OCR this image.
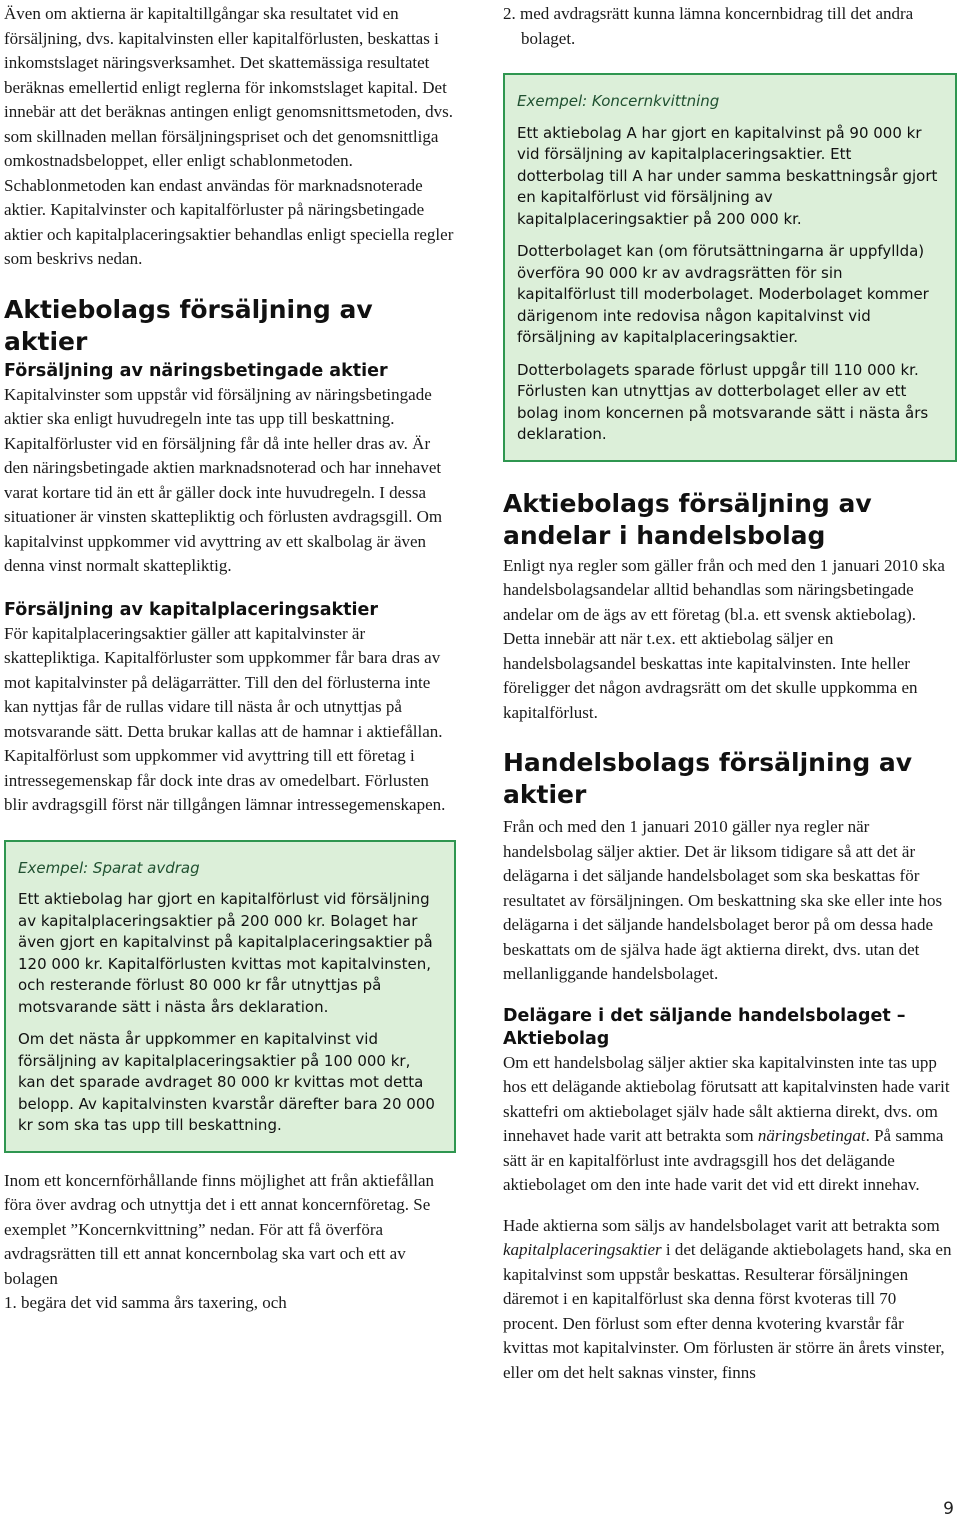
Även om aktierna är kapitaltillgångar ska resultatet vid en försäljning, dvs. kapitalvinsten eller kapitalförlusten, beskattas i inkomstslaget näringsverksamhet. Det skattemässiga resultatet beräknas emellertid enligt reglerna för inkomstslaget kapital. Det innebär att det beräknas antingen enligt genomsnittsmetoden, dvs. som skillnaden mellan försäljningspriset och det genomsnittliga omkostnadsbeloppet, eller enligt schablonmetoden. Schablonmetoden kan endast användas för marknadsnoterade aktier. Kapitalvinster och kapitalförluster på näringsbetingade aktier och kapitalplaceringsaktier behandlas enligt speciella regler som beskrivs nedan.

Aktiebolags försäljning av aktier
Försäljning av näringsbetingade aktier

Kapitalvinster som uppstår vid försäljning av näringsbetingade aktier ska enligt huvudregeln inte tas upp till beskattning. Kapitalförluster vid en försäljning får då inte heller dras av. Är den näringsbetingade aktien marknadsnoterad och har innehavet varat kortare tid än ett år gäller dock inte huvudregeln. I dessa situationer är vinsten skattepliktig och förlusten avdragsgill. Om kapitalvinst uppkommer vid avyttring av ett skalbolag är även denna vinst normalt skattepliktig.

Försäljning av kapitalplaceringsaktier

För kapitalplaceringsaktier gäller att kapitalvinster är skattepliktiga. Kapitalförluster som uppkommer får bara dras av mot kapitalvinster på delägarrätter. Till den del förlusterna inte kan nyttjas får de rullas vidare till nästa år och utnyttjas på motsvarande sätt. Detta brukar kallas att de hamnar i aktiefållan. Kapitalförlust som uppkommer vid avyttring till ett företag i intressegemenskap får dock inte dras av omedelbart. Förlusten blir avdragsgill först när tillgången lämnar intressegemenskapen.

Exempel: Sparat avdrag

Ett aktiebolag har gjort en kapitalförlust vid försäljning av kapitalplaceringsaktier på 200 000 kr. Bolaget har även gjort en kapitalvinst på kapitalplaceringsaktier på 120 000 kr. Kapitalförlusten kvittas mot kapitalvinsten, och resterande förlust 80 000 kr får utnyttjas på motsvarande sätt i nästa års deklaration.

Om det nästa år uppkommer en kapitalvinst vid försäljning av kapitalplaceringsaktier på 100 000 kr, kan det sparade avdraget 80 000 kr kvittas mot detta belopp. Av kapitalvinsten kvarstår därefter bara 20 000 kr som ska tas upp till beskattning.

Inom ett koncernförhållande finns möjlighet att från aktiefållan föra över avdrag och utnyttja det i ett annat koncernföretag. Se exemplet ”Koncernkvittning” nedan. För att få överföra avdragsrätten till ett annat koncernbolag ska vart och ett av bolagen

1. begära det vid samma års taxering, och

2. med avdragsrätt kunna lämna koncernbidrag till det andra bolaget.

Exempel: Koncernkvittning

Ett aktiebolag A har gjort en kapitalvinst på 90 000 kr vid försäljning av kapitalplaceringsaktier. Ett dotterbolag till A har under samma beskattningsår gjort en kapitalförlust vid försäljning av kapitalplaceringsaktier på 200 000 kr.

Dotterbolaget kan (om förutsättningarna är uppfyllda) överföra 90 000 kr av avdragsrätten för sin kapitalförlust till moderbolaget. Moderbolaget kommer därigenom inte redovisa någon kapitalvinst vid försäljning av kapitalplaceringsaktier.

Dotterbolagets sparade förlust uppgår till 110 000 kr. Förlusten kan utnyttjas av dotterbolaget eller av ett bolag inom koncernen på motsvarande sätt i nästa års deklaration.

Aktiebolags försäljning av andelar i handelsbolag

Enligt nya regler som gäller från och med den 1 januari 2010 ska handelsbolagsandelar alltid behandlas som näringsbetingade andelar om de ägs av ett företag (bl.a. ett svensk aktiebolag). Detta innebär att när t.ex. ett aktiebolag säljer en handelsbolagsandel beskattas inte kapitalvinsten. Inte heller föreligger det någon avdragsrätt om det skulle uppkomma en kapitalförlust.

Handelsbolags försäljning av aktier

Från och med den 1 januari 2010 gäller nya regler när handelsbolag säljer aktier. Det är liksom tidigare så att det är delägarna i det säljande handelsbolaget som ska beskattas för resultatet av försäljningen. Om beskattning ska ske eller inte hos delägarna i det säljande handelsbolaget beror på om dessa hade beskattats om de själva hade ägt aktierna direkt, dvs. utan det mellanliggande handelsbolaget.

Delägare i det säljande handelsbolaget – Aktiebolag

Om ett handelsbolag säljer aktier ska kapitalvinsten inte tas upp hos ett delägande aktiebolag förutsatt att kapitalvinsten hade varit skattefri om aktiebolaget själv hade sålt aktierna direkt, dvs. om innehavet hade varit att betrakta som näringsbetingat. På samma sätt är en kapitalförlust inte avdragsgill hos det delägande aktiebolaget om den inte hade varit det vid ett direkt innehav.

Hade aktierna som säljs av handelsbolaget varit att betrakta som kapitalplaceringsaktier i det delägande aktiebolagets hand, ska en kapitalvinst som uppstår beskattas. Resulterar försäljningen däremot i en kapitalförlust ska denna först kvoteras till 70 procent. Den förlust som efter denna kvotering kvarstår får kvittas mot kapitalvinster. Om förlusten är större än årets vinster, eller om det helt saknas vinster, finns

9
